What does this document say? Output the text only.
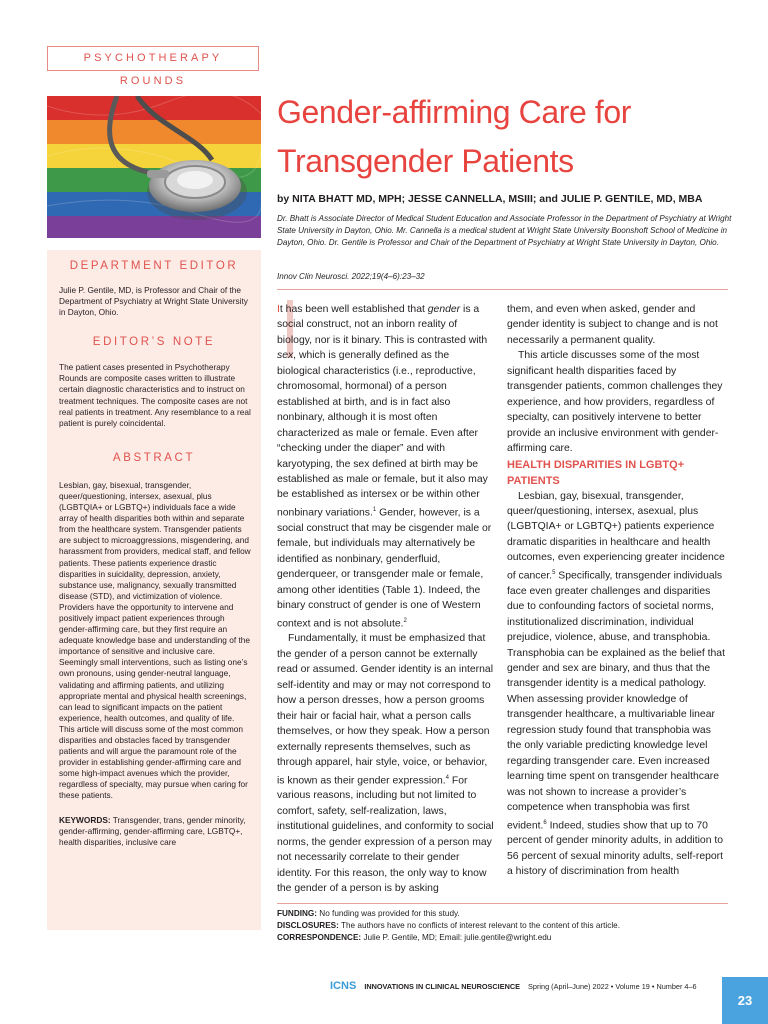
PSYCHOTHERAPY ROUNDS

DEPARTMENT EDITOR

Julie P. Gentile, MD, is Professor and Chair of the Department of Psychiatry at Wright State University in Dayton, Ohio.

EDITOR’S NOTE

The patient cases presented in Psychotherapy Rounds are composite cases written to illustrate certain diagnostic characteristics and to instruct on treatment techniques. The composite cases are not real patients in treatment. Any resemblance to a real patient is purely coincidental.

ABSTRACT

Lesbian, gay, bisexual, transgender, queer/questioning, intersex, asexual, plus (LGBTQIA+ or LGBTQ+) individuals face a wide array of health disparities both within and separate from the healthcare system. Transgender patients are subject to microaggressions, misgendering, and harassment from providers, medical staff, and fellow patients. These patients experience drastic disparities in suicidality, depression, anxiety, substance use, malignancy, sexually transmitted disease (STD), and victimization of violence. Providers have the opportunity to intervene and positively impact patient experiences through gender-affirming care, but they first require an adequate knowledge base and understanding of the importance of sensitive and inclusive care. Seemingly small interventions, such as listing one’s own pronouns, using gender-neutral language, validating and affirming patients, and utilizing appropriate mental and physical health screenings, can lead to significant impacts on the patient experience, health outcomes, and quality of life. This article will discuss some of the most common disparities and obstacles faced by transgender patients and will argue the paramount role of the provider in establishing gender-affirming care and some high-impact avenues which the provider, regardless of specialty, may pursue when caring for these patients.

KEYWORDS: Transgender, trans, gender minority, gender-affirming, gender-affirming care, LGBTQ+, health disparities, inclusive care

Gender-affirming Care for
Transgender Patients

by NITA BHATT MD, MPH; JESSE CANNELLA, MSIII; and JULIE P. GENTILE, MD, MBA

Dr. Bhatt is Associate Director of Medical Student Education and Associate Professor in the Department of Psychiatry at Wright State University in Dayton, Ohio. Mr. Cannella is a medical student at Wright State University Boonshoft School of Medicine in Dayton, Ohio. Dr. Gentile is Professor and Chair of the Department of Psychiatry at Wright State University in Dayton, Ohio.

Innov Clin Neurosci. 2022;19(4–6):23–32

It has been well established that gender is a social construct, not an inborn reality of biology, nor is it binary. This is contrasted with sex, which is generally defined as the biological characteristics (i.e., reproductive, chromosomal, hormonal) of a person established at birth, and is in fact also nonbinary, although it is most often characterized as male or female. Even after “checking under the diaper” and with karyotyping, the sex defined at birth may be established as male or female, but it also may be established as intersex or be within other nonbinary variations.$^1$ Gender, however, is a social construct that may be cisgender male or female, but individuals may alternatively be identified as nonbinary, genderfluid, genderqueer, or transgender male or female, among other identities (Table 1). Indeed, the binary construct of gender is one of Western context and is not absolute.$^2$

Fundamentally, it must be emphasized that the gender of a person cannot be externally read or assumed. Gender identity is an internal self-identity and may or may not correspond to how a person dresses, how a person grooms their hair or facial hair, what a person calls themselves, or how they speak. How a person externally represents themselves, such as through apparel, hair style, voice, or behavior, is known as their gender expression.$^4$ For various reasons, including but not limited to comfort, safety, self-realization, laws, institutional guidelines, and conformity to social norms, the gender expression of a person may not necessarily correlate to their gender identity. For this reason, the only way to know the gender of a person is by asking

them, and even when asked, gender and gender identity is subject to change and is not necessarily a permanent quality.

This article discusses some of the most significant health disparities faced by transgender patients, common challenges they experience, and how providers, regardless of specialty, can positively intervene to better provide an inclusive environment with gender-affirming care.

HEALTH DISPARITIES IN LGBTQ+ PATIENTS

Lesbian, gay, bisexual, transgender, queer/questioning, intersex, asexual, plus (LGBTQIA+ or LGBTQ+) patients experience dramatic disparities in healthcare and health outcomes, even experiencing greater incidence of cancer.$^5$ Specifically, transgender individuals face even greater challenges and disparities due to confounding factors of societal norms, institutionalized discrimination, individual prejudice, violence, abuse, and transphobia. Transphobia can be explained as the belief that gender and sex are binary, and thus that the transgender identity is a medical pathology. When assessing provider knowledge of transgender healthcare, a multivariable linear regression study found that transphobia was the only variable predicting knowledge level regarding transgender care. Even increased learning time spent on transgender healthcare was not shown to increase a provider’s competence when transphobia was first evident.$^6$ Indeed, studies show that up to 70 percent of gender minority adults, in addition to 56 percent of sexual minority adults, self-report a history of discrimination from health

FUNDING: No funding was provided for this study.
DISCLOSURES: The authors have no conflicts of interest relevant to the content of this article.
CORRESPONDENCE: Julie P. Gentile, MD; Email: julie.gentile@wright.edu
ICNS INNOVATIONS IN CLINICAL NEUROSCIENCE Spring (April–June) 2022 • Volume 19 • Number 4–6
23
